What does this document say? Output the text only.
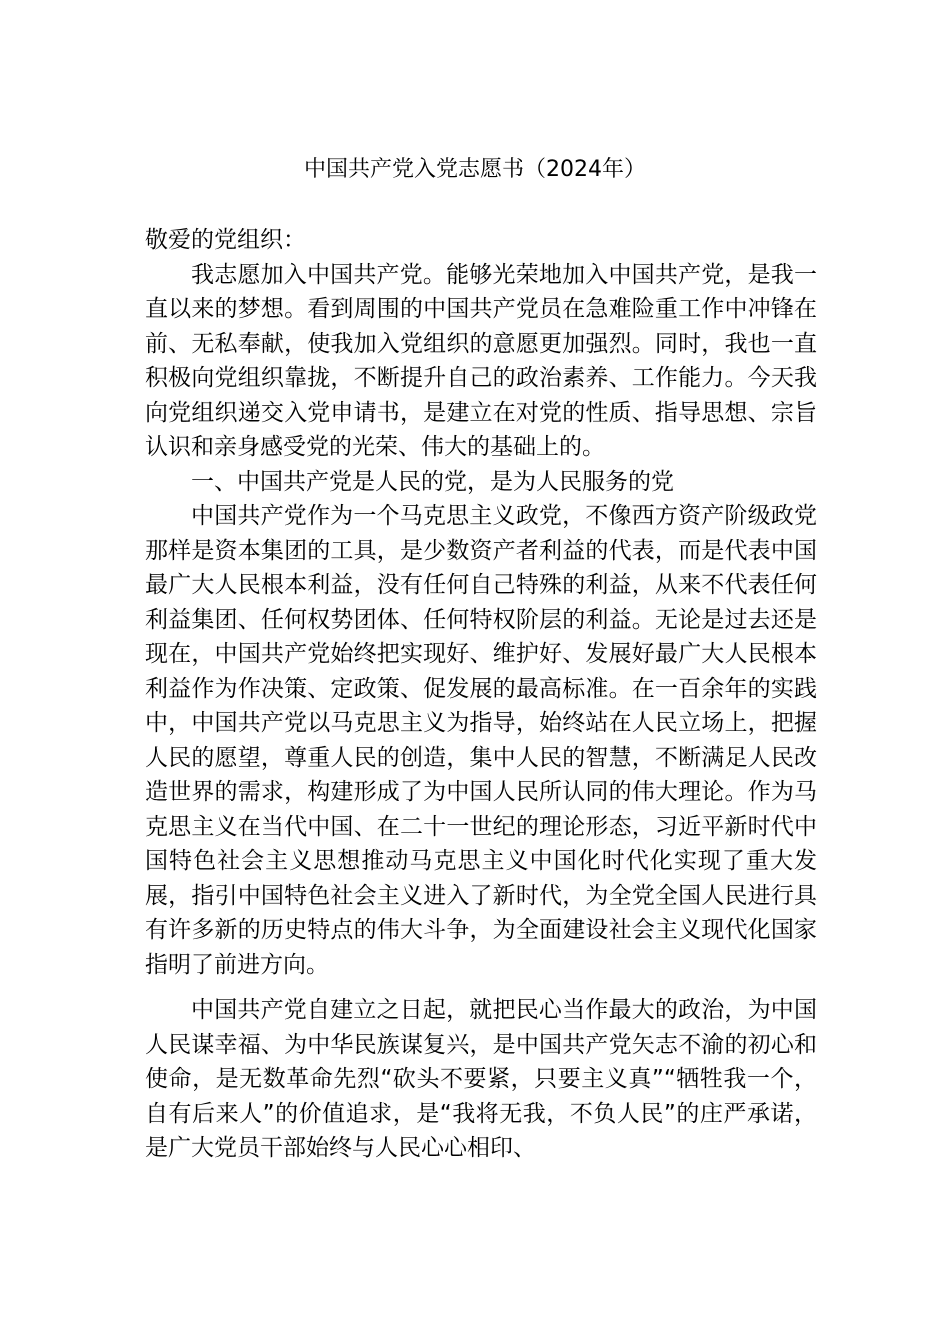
中国共产党入党志愿书（2024年）

敬爱的党组织：

我志愿加入中国共产党。能够光荣地加入中国共产党，是我一直以来的梦想。看到周围的中国共产党员在急难险重工作中冲锋在前、无私奉献，使我加入党组织的意愿更加强烈。同时，我也一直积极向党组织靠拢，不断提升自己的政治素养、工作能力。今天我向党组织递交入党申请书，是建立在对党的性质、指导思想、宗旨认识和亲身感受党的光荣、伟大的基础上的。

一、中国共产党是人民的党，是为人民服务的党

中国共产党作为一个马克思主义政党，不像西方资产阶级政党那样是资本集团的工具，是少数资产者利益的代表，而是代表中国最广大人民根本利益，没有任何自己特殊的利益，从来不代表任何利益集团、任何权势团体、任何特权阶层的利益。无论是过去还是现在，中国共产党始终把实现好、维护好、发展好最广大人民根本利益作为作决策、定政策、促发展的最高标准。在一百余年的实践中，中国共产党以马克思主义为指导，始终站在人民立场上，把握人民的愿望，尊重人民的创造，集中人民的智慧，不断满足人民改造世界的需求，构建形成了为中国人民所认同的伟大理论。作为马克思主义在当代中国、在二十一世纪的理论形态，习近平新时代中国特色社会主义思想推动马克思主义中国化时代化实现了重大发展，指引中国特色社会主义进入了新时代，为全党全国人民进行具有许多新的历史特点的伟大斗争，为全面建设社会主义现代化国家指明了前进方向。

中国共产党自建立之日起，就把民心当作最大的政治，为中国人民谋幸福、为中华民族谋复兴，是中国共产党矢志不渝的初心和使命，是无数革命先烈“砍头不要紧，只要主义真”“牺牲我一个，自有后来人”的价值追求，是“我将无我，不负人民”的庄严承诺，是广大党员干部始终与人民心心相印、
